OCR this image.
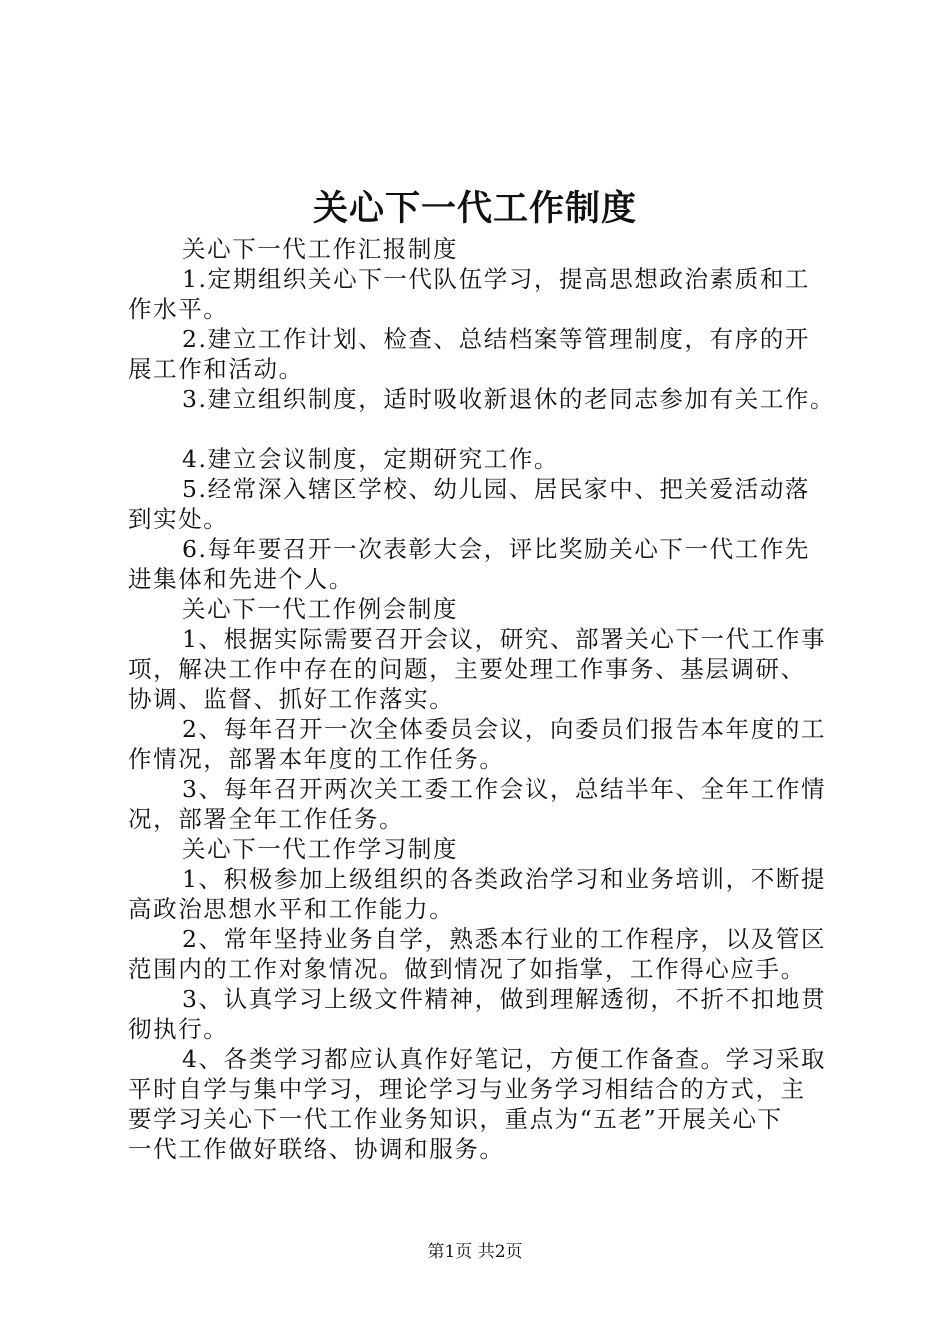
关心下一代工作制度
关心下一代工作汇报制度
1.定期组织关心下一代队伍学习，提高思想政治素质和工
作水平。
2.建立工作计划、检查、总结档案等管理制度，有序的开
展工作和活动。
3.建立组织制度，适时吸收新退休的老同志参加有关工作。
4.建立会议制度，定期研究工作。
5.经常深入辖区学校、幼儿园、居民家中、把关爱活动落
到实处。
6.每年要召开一次表彰大会，评比奖励关心下一代工作先
进集体和先进个人。
关心下一代工作例会制度
1、根据实际需要召开会议，研究、部署关心下一代工作事
项，解决工作中存在的问题，主要处理工作事务、基层调研、
协调、监督、抓好工作落实。
2、每年召开一次全体委员会议，向委员们报告本年度的工
作情况，部署本年度的工作任务。
3、每年召开两次关工委工作会议，总结半年、全年工作情
况，部署全年工作任务。
关心下一代工作学习制度
1、积极参加上级组织的各类政治学习和业务培训，不断提
高政治思想水平和工作能力。
2、常年坚持业务自学，熟悉本行业的工作程序，以及管区
范围内的工作对象情况。做到情况了如指掌，工作得心应手。
3、认真学习上级文件精神，做到理解透彻，不折不扣地贯
彻执行。
4、各类学习都应认真作好笔记，方便工作备查。学习采取
平时自学与集中学习，理论学习与业务学习相结合的方式，主
要学习关心下一代工作业务知识，重点为“五老”开展关心下
一代工作做好联络、协调和服务。
第1页 共2页
